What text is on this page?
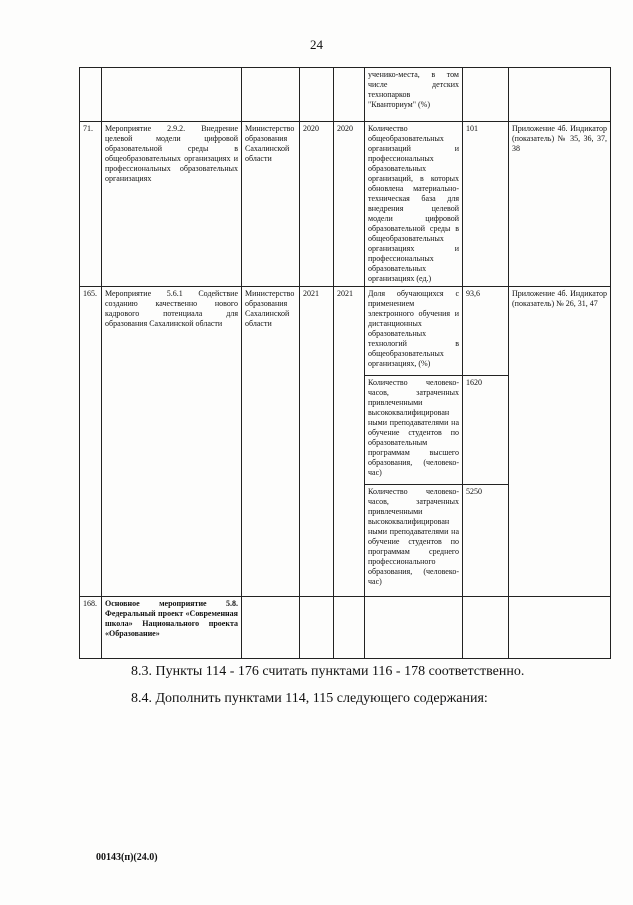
24
					ученико-места, в том числе детских технопарков "Кванториум" (%)		
71.	Мероприятие 2.9.2. Внедрение целевой модели цифровой образовательной среды в общеобразовательных организациях и профессиональных образовательных организациях	Министерство образования Сахалинской области	2020	2020	Количество общеобразовательных организаций и профессиональных образовательных организаций, в которых обновлена материально-техническая база для внедрения целевой модели цифровой образовательной среды в общеобразовательных организациях и профессиональных образовательных организациях (ед.)	101	Приложение 4б. Индикатор (показатель) № 35, 36, 37, 38
165.	Мероприятие 5.6.1 Содействие созданию качественно нового кадрового потенциала для образования Сахалинской области	Министерство образования Сахалинской области	2021	2021	Доля обучающихся с применением электронного обучения и дистанционных образовательных технологий в общеобразовательных организациях, (%)	93,6	Приложение 4б. Индикатор (показатель) № 26, 31, 47
					Количество человеко-часов, затраченных привлеченными высококвалифицирован ными преподавателями на обучение студентов по образовательным программам высшего образования, (человеко-час)	1620	
					Количество человеко-часов, затраченных привлеченными высококвалифицирован ными преподавателями на обучение студентов по программам среднего профессионального образования, (человеко-час)	5250	
168.	Основное мероприятие 5.8. Федеральный проект «Современная школа» Национального проекта «Образование»						
8.3. Пункты 114 - 176 считать пунктами 116 - 178 соответственно.
8.4. Дополнить пунктами 114, 115 следующего содержания:
00143(п)(24.0)
